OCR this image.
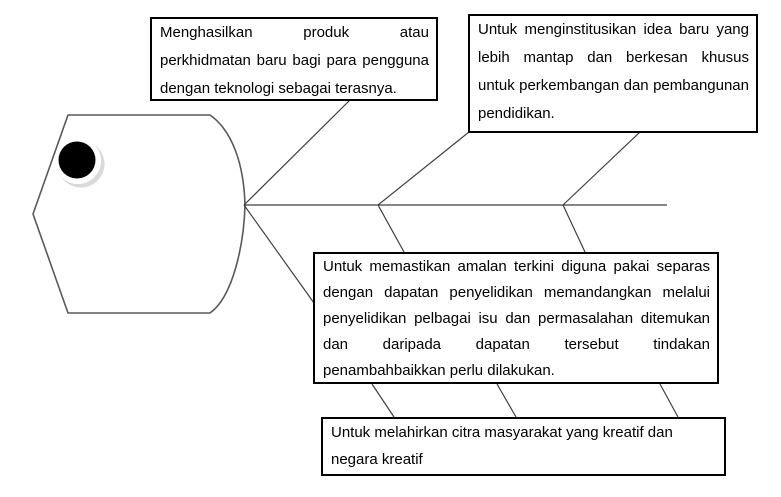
Menghasilkan produk atau perkhidmatan baru bagi para pengguna dengan teknologi sebagai terasnya.
Untuk menginstitusikan idea baru yang lebih mantap dan berkesan khusus untuk perkembangan dan pembangunan pendidikan.
Untuk memastikan amalan terkini diguna pakai separas dengan dapatan penyelidikan memandangkan melalui penyelidikan pelbagai isu dan permasalahan ditemukan dan daripada dapatan tersebut tindakan penambahbaikkan perlu dilakukan.
Untuk melahirkan citra masyarakat yang kreatif dan negara kreatif
